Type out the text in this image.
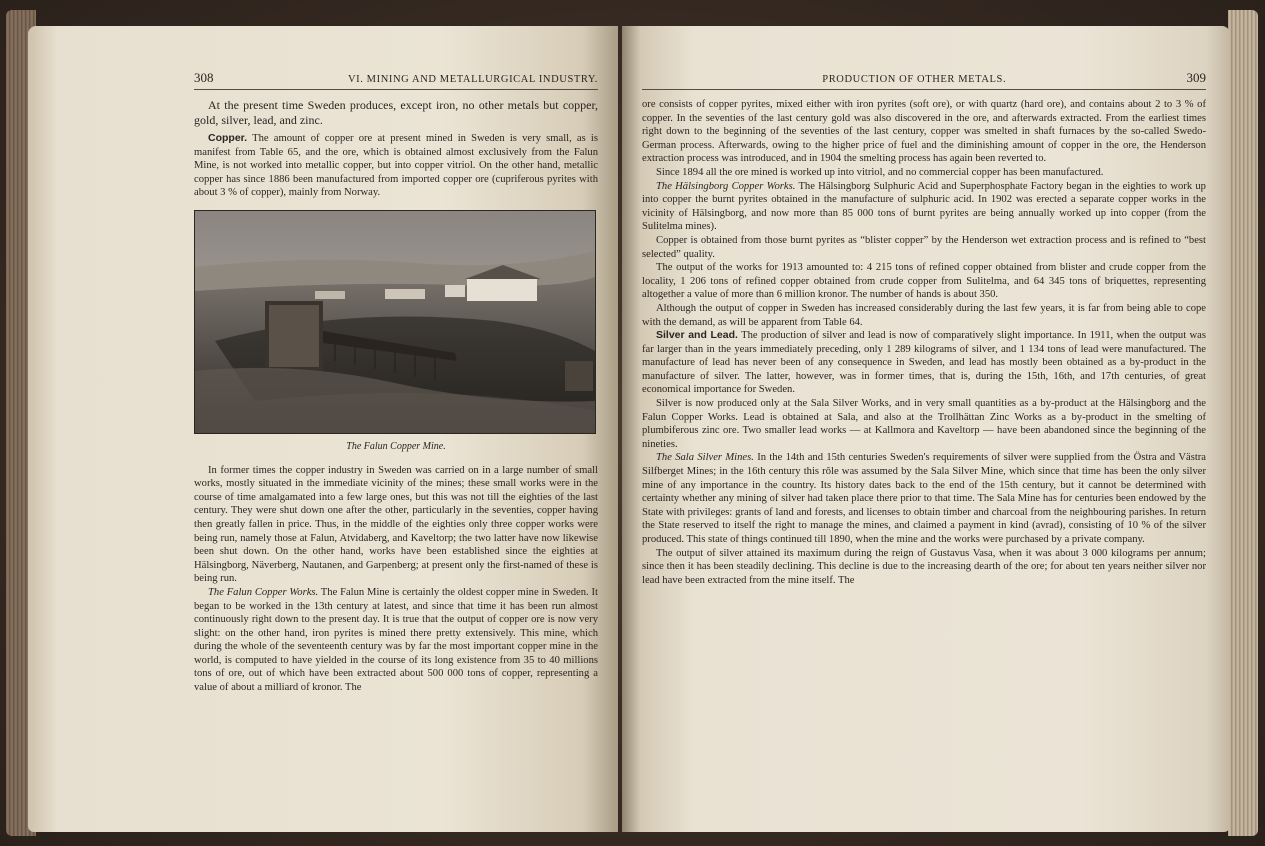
308	VI. MINING AND METALLURGICAL INDUSTRY.

At the present time Sweden produces, except iron, no other metals but copper, gold, silver, lead, and zinc.

Copper. The amount of copper ore at present mined in Sweden is very small, as is manifest from Table 65, and the ore, which is obtained almost exclusively from the Falun Mine, is not worked into metallic copper, but into copper vitriol. On the other hand, metallic copper has since 1886 been manufactured from imported copper ore (cupriferous pyrites with about 3 % of copper), mainly from Norway.

The Falun Copper Mine.

In former times the copper industry in Sweden was carried on in a large number of small works, mostly situated in the immediate vicinity of the mines; these small works were in the course of time amalgamated into a few large ones, but this was not till the eighties of the last century. They were shut down one after the other, particularly in the seventies, copper having then greatly fallen in price. Thus, in the middle of the eighties only three copper works were being run, namely those at Falun, Atvidaberg, and Kaveltorp; the two latter have now likewise been shut down. On the other hand, works have been established since the eighties at Hälsingborg, Näverberg, Nautanen, and Garpenberg; at present only the first-named of these is being run.

The Falun Copper Works. The Falun Mine is certainly the oldest copper mine in Sweden. It began to be worked in the 13th century at latest, and since that time it has been run almost continuously right down to the present day. It is true that the output of copper ore is now very slight: on the other hand, iron pyrites is mined there pretty extensively. This mine, which during the whole of the seventeenth century was by far the most important copper mine in the world, is computed to have yielded in the course of its long existence from 35 to 40 millions tons of ore, out of which have been extracted about 500 000 tons of copper, representing a value of about a milliard of kronor. The

PRODUCTION OF OTHER METALS.	309

ore consists of copper pyrites, mixed either with iron pyrites (soft ore), or with quartz (hard ore), and contains about 2 to 3 % of copper. In the seventies of the last century gold was also discovered in the ore, and afterwards extracted. From the earliest times right down to the beginning of the seventies of the last century, copper was smelted in shaft furnaces by the so-called Swedo-German process. Afterwards, owing to the higher price of fuel and the diminishing amount of copper in the ore, the Henderson extraction process was introduced, and in 1904 the smelting process has again been reverted to.

Since 1894 all the ore mined is worked up into vitriol, and no commercial copper has been manufactured.

The Hälsingborg Copper Works. The Hälsingborg Sulphuric Acid and Superphosphate Factory began in the eighties to work up into copper the burnt pyrites obtained in the manufacture of sulphuric acid. In 1902 was erected a separate copper works in the vicinity of Hälsingborg, and now more than 85 000 tons of burnt pyrites are being annually worked up into copper (from the Sulitelma mines).

Copper is obtained from those burnt pyrites as “blister copper” by the Henderson wet extraction process and is refined to “best selected” quality.

The output of the works for 1913 amounted to: 4 215 tons of refined copper obtained from blister and crude copper from the locality, 1 206 tons of refined copper obtained from crude copper from Sulitelma, and 64 345 tons of briquettes, representing altogether a value of more than 6 million kronor. The number of hands is about 350.

Although the output of copper in Sweden has increased considerably during the last few years, it is far from being able to cope with the demand, as will be apparent from Table 64.

Silver and Lead. The production of silver and lead is now of comparatively slight importance. In 1911, when the output was far larger than in the years immediately preceding, only 1 289 kilograms of silver, and 1 134 tons of lead were manufactured. The manufacture of lead has never been of any consequence in Sweden, and lead has mostly been obtained as a by-product in the manufacture of silver. The latter, however, was in former times, that is, during the 15th, 16th, and 17th centuries, of great economical importance for Sweden.

Silver is now produced only at the Sala Silver Works, and in very small quantities as a by-product at the Hälsingborg and the Falun Copper Works. Lead is obtained at Sala, and also at the Trollhättan Zinc Works as a by-product in the smelting of plumbiferous zinc ore. Two smaller lead works — at Kallmora and Kaveltorp — have been abandoned since the beginning of the nineties.

The Sala Silver Mines. In the 14th and 15th centuries Sweden's requirements of silver were supplied from the Östra and Västra Silfberget Mines; in the 16th century this rôle was assumed by the Sala Silver Mine, which since that time has been the only silver mine of any importance in the country. Its history dates back to the end of the 15th century, but it cannot be determined with certainty whether any mining of silver had taken place there prior to that time. The Sala Mine has for centuries been endowed by the State with privileges: grants of land and forests, and licenses to obtain timber and charcoal from the neighbouring parishes. In return the State reserved to itself the right to manage the mines, and claimed a payment in kind (avrad), consisting of 10 % of the silver produced. This state of things continued till 1890, when the mine and the works were purchased by a private company.

The output of silver attained its maximum during the reign of Gustavus Vasa, when it was about 3 000 kilograms per annum; since then it has been steadily declining. This decline is due to the increasing dearth of the ore; for about ten years neither silver nor lead have been extracted from the mine itself. The
